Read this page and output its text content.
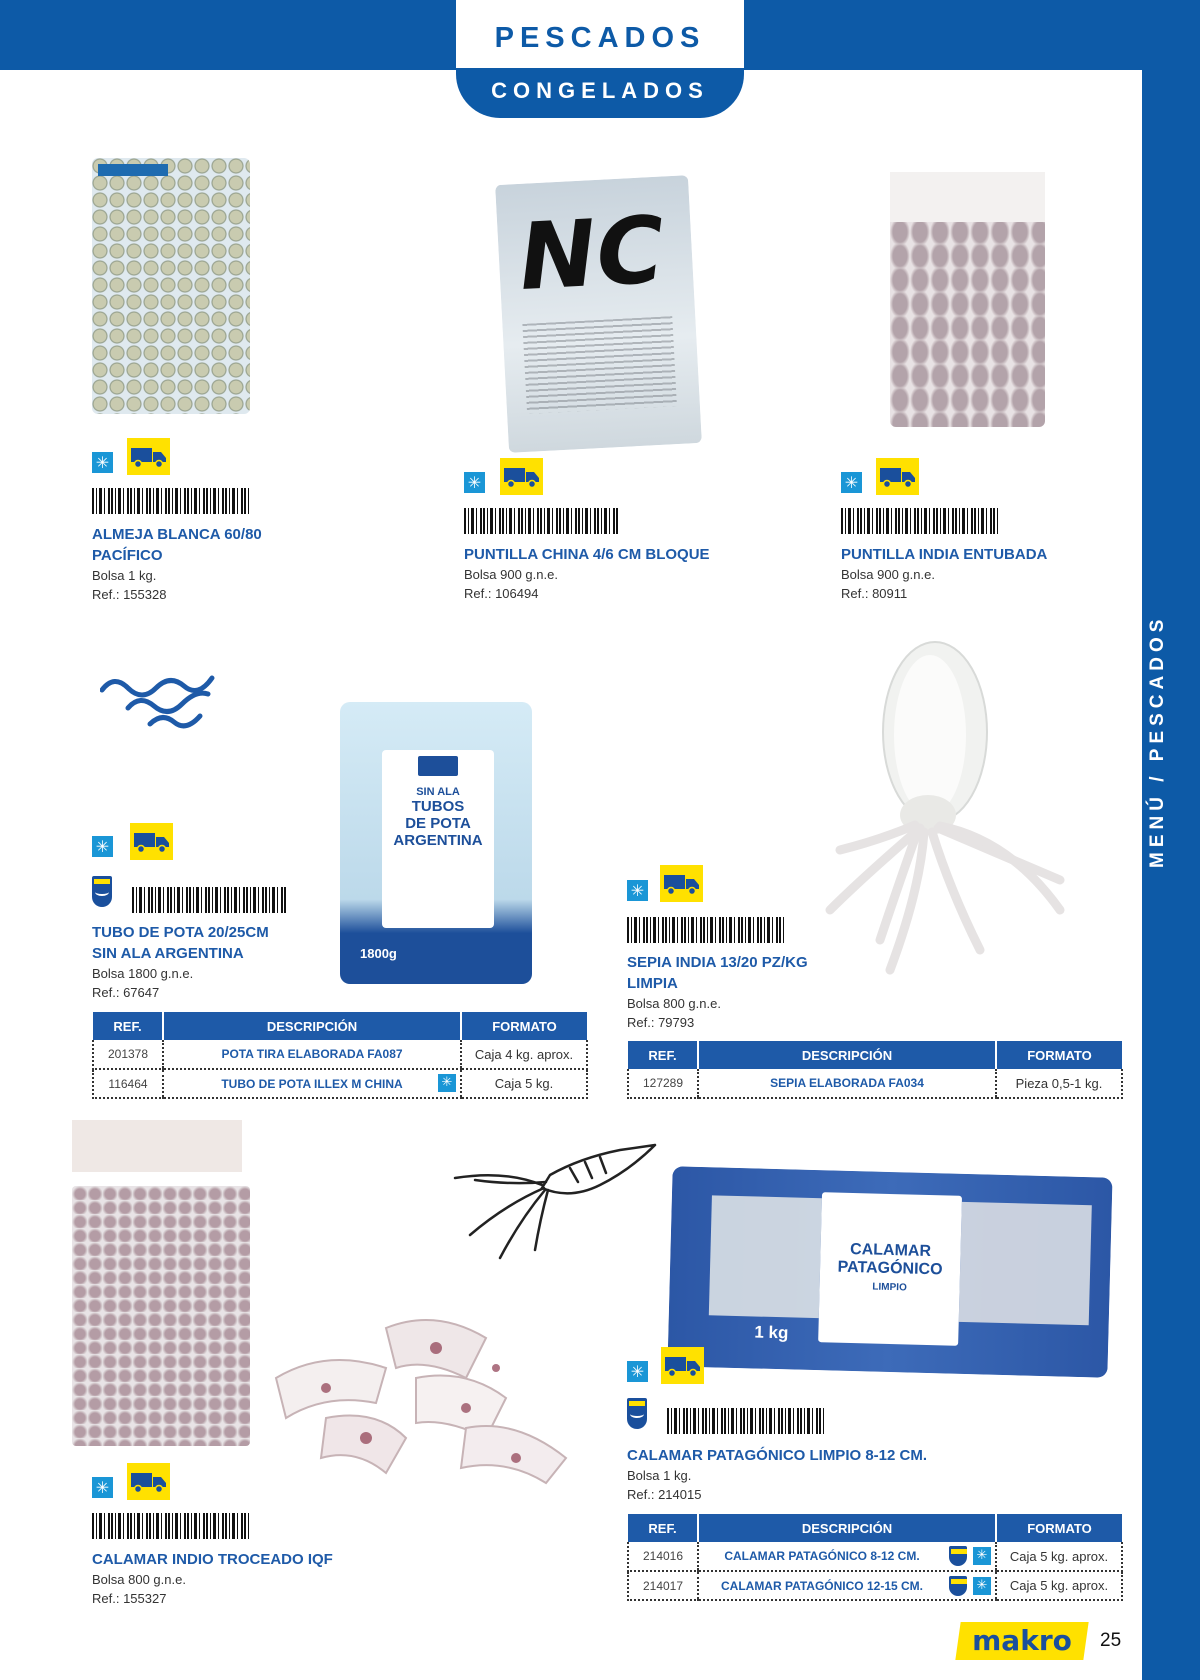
PESCADOS
CONGELADOS
MENÚ / PESCADOS
✳
ALMEJA BLANCA 60/80
PACÍFICO
Bolsa 1 kg.
Ref.: 155328
NC
✳
PUNTILLA CHINA 4/6 CM BLOQUE
Bolsa 900 g.n.e.
Ref.: 106494
✳
PUNTILLA INDIA ENTUBADA
Bolsa 900 g.n.e.
Ref.: 80911
SIN ALA
TUBOS
DE POTA
ARGENTINA
1800g
✳
TUBO DE POTA 20/25CM
SIN ALA ARGENTINA
Bolsa 1800 g.n.e.
Ref.: 67647
REF.	DESCRIPCIÓN	FORMATO
201378	POTA TIRA ELABORADA FA087	Caja 4 kg. aprox.
116464	TUBO DE POTA ILLEX M CHINA ✳	Caja 5 kg.
✳
SEPIA INDIA 13/20 PZ/KG
LIMPIA
Bolsa 800 g.n.e.
Ref.: 79793
REF.	DESCRIPCIÓN	FORMATO
127289	SEPIA ELABORADA FA034	Pieza 0,5-1 kg.
CALAMAR
PATAGÓNICO
LIMPIO
1 kg
✳
CALAMAR PATAGÓNICO LIMPIO 8-12 CM.
Bolsa 1 kg.
Ref.: 214015
REF.	DESCRIPCIÓN	FORMATO
214016	CALAMAR PATAGÓNICO 8-12 CM. ✳	Caja 5 kg. aprox.
214017	CALAMAR PATAGÓNICO 12-15 CM. ✳	Caja 5 kg. aprox.
✳
CALAMAR INDIO TROCEADO IQF
Bolsa 800 g.n.e.
Ref.: 155327
makro	25
